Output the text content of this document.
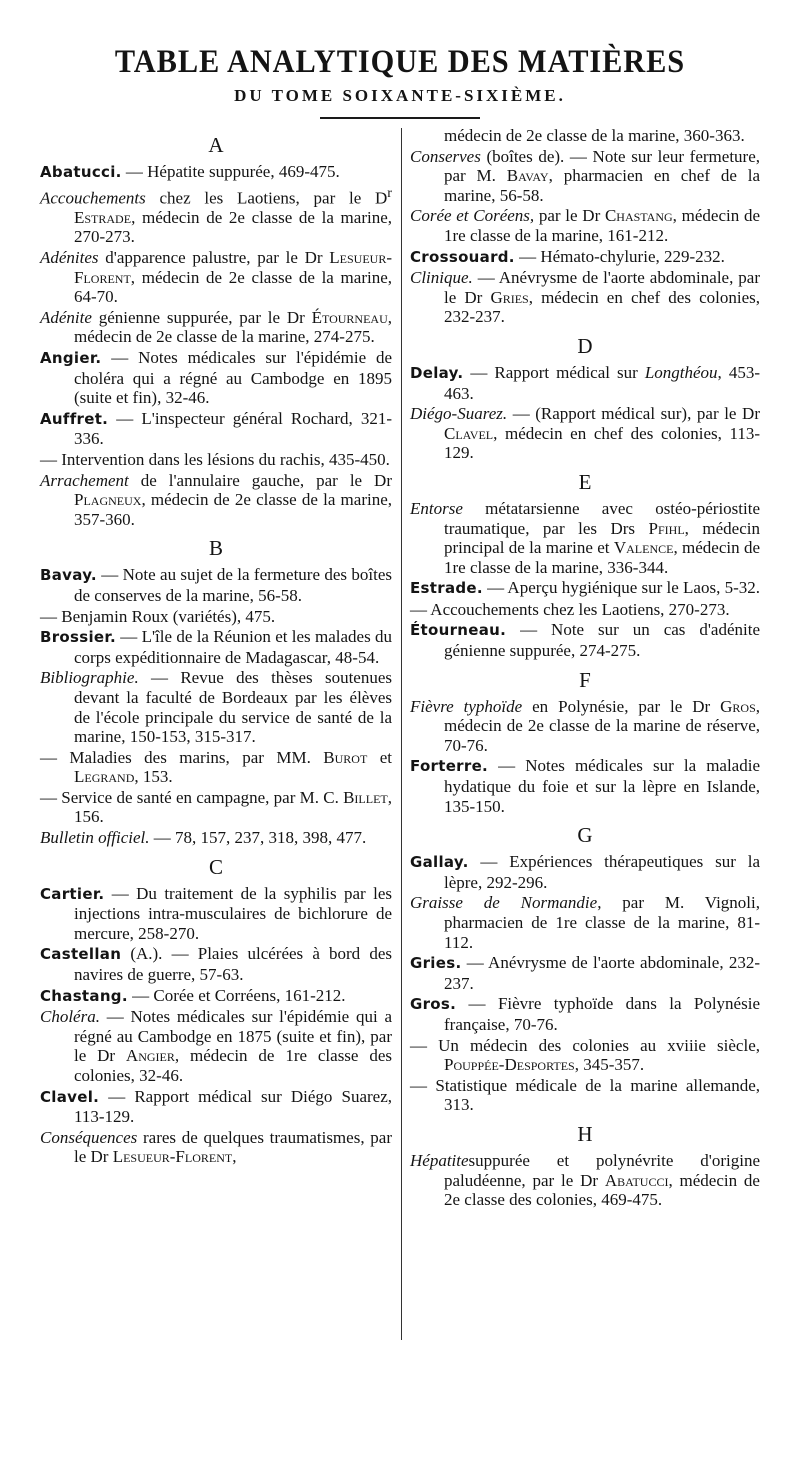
TABLE ANALYTIQUE DES MATIÈRES
DU TOME SOIXANTE-SIXIÈME.
A

Abatucci. — Hépatite suppurée, 469-475.

Accouchements chez les Laotiens, par le $D^r$ Estrade, médecin de 2e classe de la marine, 270-273.

Adénites d'apparence palustre, par le Dr Lesueur-Florent, médecin de 2e classe de la marine, 64-70.

Adénite génienne suppurée, par le Dr Étourneau, médecin de 2e classe de la marine, 274-275.

Angier. — Notes médicales sur l'épidémie de choléra qui a régné au Cambodge en 1895 (suite et fin), 32-46.

Auffret. — L'inspecteur général Rochard, 321-336.

— Intervention dans les lésions du rachis, 435-450.

Arrachement de l'annulaire gauche, par le Dr Plagneux, médecin de 2e classe de la marine, 357-360.

B

Bavay. — Note au sujet de la fermeture des boîtes de conserves de la marine, 56-58.

— Benjamin Roux (variétés), 475.

Brossier. — L'île de la Réunion et les malades du corps expéditionnaire de Madagascar, 48-54.

Bibliographie. — Revue des thèses soutenues devant la faculté de Bordeaux par les élèves de l'école principale du service de santé de la marine, 150-153, 315-317.

— Maladies des marins, par MM. Burot et Legrand, 153.

— Service de santé en campagne, par M. C. Billet, 156.

Bulletin officiel. — 78, 157, 237, 318, 398, 477.

C

Cartier. — Du traitement de la syphilis par les injections intra-musculaires de bichlorure de mercure, 258-270.

Castellan (A.). — Plaies ulcérées à bord des navires de guerre, 57-63.

Chastang. — Corée et Corréens, 161-212.

Choléra. — Notes médicales sur l'épidémie qui a régné au Cambodge en 1875 (suite et fin), par le Dr Angier, médecin de 1re classe des colonies, 32-46.

Clavel. — Rapport médical sur Diégo Suarez, 113-129.

Conséquences rares de quelques traumatismes, par le Dr Lesueur-Florent,

médecin de 2e classe de la marine, 360-363.

Conserves (boîtes de). — Note sur leur fermeture, par M. Bavay, pharmacien en chef de la marine, 56-58.

Corée et Coréens, par le Dr Chastang, médecin de 1re classe de la marine, 161-212.

Crossouard. — Hémato-chylurie, 229-232.

Clinique. — Anévrysme de l'aorte abdominale, par le Dr Gries, médecin en chef des colonies, 232-237.

D

Delay. — Rapport médical sur Longthéou, 453-463.

Diégo-Suarez. — (Rapport médical sur), par le Dr Clavel, médecin en chef des colonies, 113-129.

E

Entorse métatarsienne avec ostéo-périostite traumatique, par les Drs Pfihl, médecin principal de la marine et Valence, médecin de 1re classe de la marine, 336-344.

Estrade. — Aperçu hygiénique sur le Laos, 5-32.

— Accouchements chez les Laotiens, 270-273.

Étourneau. — Note sur un cas d'adénite génienne suppurée, 274-275.

F

Fièvre typhoïde en Polynésie, par le Dr Gros, médecin de 2e classe de la marine de réserve, 70-76.

Forterre. — Notes médicales sur la maladie hydatique du foie et sur la lèpre en Islande, 135-150.

G

Gallay. — Expériences thérapeutiques sur la lèpre, 292-296.

Graisse de Normandie, par M. Vignoli, pharmacien de 1re classe de la marine, 81-112.

Gries. — Anévrysme de l'aorte abdominale, 232-237.

Gros. — Fièvre typhoïde dans la Polynésie française, 70-76.

— Un médecin des colonies au xviiie siècle, Pouppée-Desportes, 345-357.

— Statistique médicale de la marine allemande, 313.

H

Hépatitesuppurée et polynévrite d'origine paludéenne, par le Dr Abatucci, médecin de 2e classe des colonies, 469-475.
